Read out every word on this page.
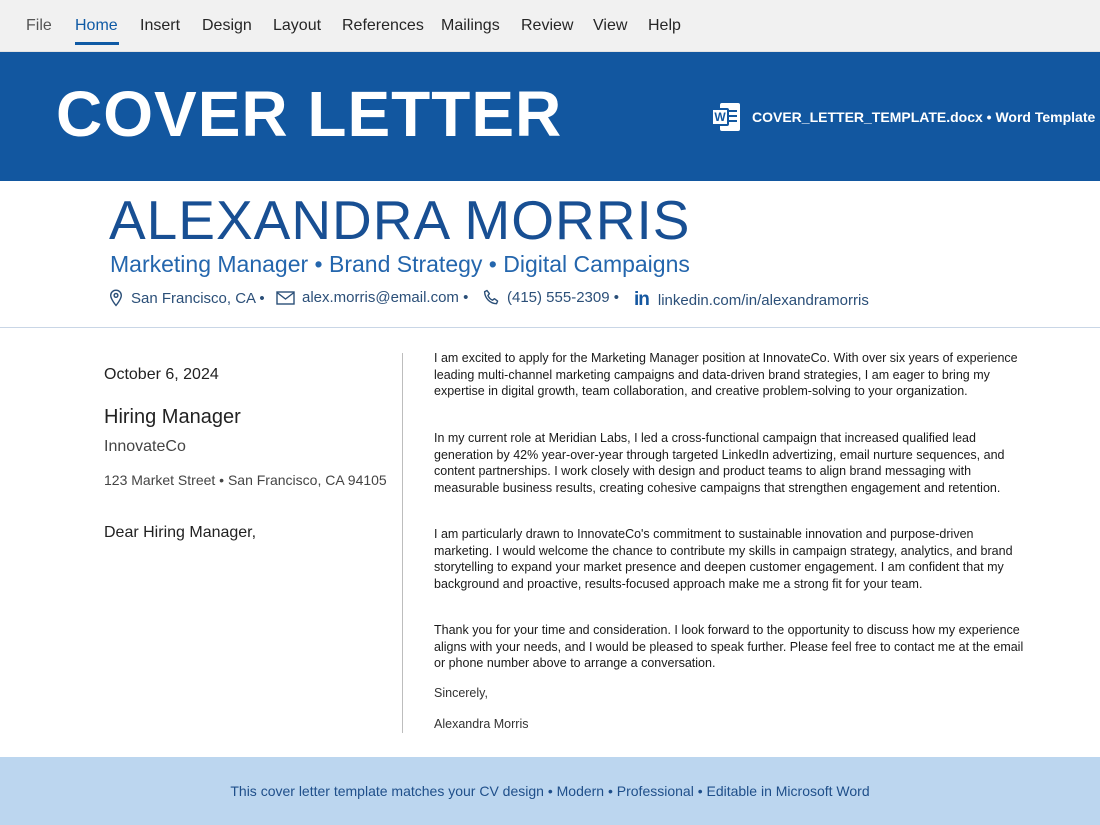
File Home Insert Design Layout References Mailings Review View Help
COVER LETTER	W COVER_LETTER_TEMPLATE.docx • Word Template
ALEXANDRA MORRIS
Marketing Manager • Brand Strategy • Digital Campaigns
San Francisco, CA • alex.morris@email.com •	(415) 555-2309 • in linkedin.com/in/alexandramorris
October 6, 2024
Hiring Manager
InnovateCo
123 Market Street • San Francisco, CA 94105
Dear Hiring Manager,
I am excited to apply for the Marketing Manager position at InnovateCo. With over six years of experience leading multi-channel marketing campaigns and data-driven brand strategies, I am eager to bring my expertise in digital growth, team collaboration, and creative problem-solving to your organization.
In my current role at Meridian Labs, I led a cross-functional campaign that increased qualified lead generation by 42% year-over-year through targeted LinkedIn advertizing, email nurture sequences, and content partnerships. I work closely with design and product teams to align brand messaging with measurable business results, creating cohesive campaigns that strengthen engagement and retention.
I am particularly drawn to InnovateCo's commitment to sustainable innovation and purpose-driven marketing. I would welcome the chance to contribute my skills in campaign strategy, analytics, and brand storytelling to expand your market presence and deepen customer engagement. I am confident that my background and proactive, results-focused approach make me a strong fit for your team.
Thank you for your time and consideration. I look forward to the opportunity to discuss how my experience aligns with your needs, and I would be pleased to speak further. Please feel free to contact me at the email or phone number above to arrange a conversation.
Sincerely,
Alexandra Morris
This cover letter template matches your CV design • Modern • Professional • Editable in Microsoft Word
